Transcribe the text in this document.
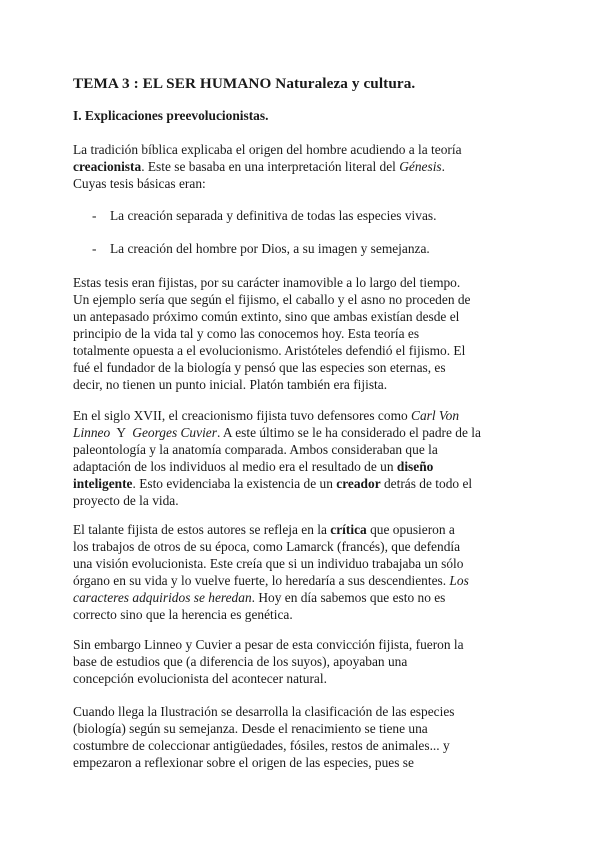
TEMA 3 : EL SER HUMANO Naturaleza y cultura.
I. Explicaciones preevolucionistas.
La tradición bíblica explicaba el origen del hombre acudiendo a la teoría
creacionista. Este se basaba en una interpretación literal del Génesis.
Cuyas tesis básicas eran:

- La creación separada y definitiva de todas las especies vivas.

- La creación del hombre por Dios, a su imagen y semejanza.

Estas tesis eran fijistas, por su carácter inamovible a lo largo del tiempo.
Un ejemplo sería que según el fijismo, el caballo y el asno no proceden de
un antepasado próximo común extinto, sino que ambas existían desde el
principio de la vida tal y como las conocemos hoy. Esta teoría es
totalmente opuesta a el evolucionismo. Aristóteles defendió el fijismo. El
fué el fundador de la biología y pensó que las especies son eternas, es
decir, no tienen un punto inicial. Platón también era fijista.
En el siglo XVII, el creacionismo fijista tuvo defensores como Carl Von
Linneo  Y  Georges Cuvier. A este último se le ha considerado el padre de la
paleontología y la anatomía comparada. Ambos consideraban que la
adaptación de los individuos al medio era el resultado de un diseño
inteligente. Esto evidenciaba la existencia de un creador detrás de todo el
proyecto de la vida.
El talante fijista de estos autores se refleja en la crítica que opusieron a
los trabajos de otros de su época, como Lamarck (francés), que defendía
una visión evolucionista. Este creía que si un individuo trabajaba un sólo
órgano en su vida y lo vuelve fuerte, lo heredaría a sus descendientes. Los
caracteres adquiridos se heredan. Hoy en día sabemos que esto no es
correcto sino que la herencia es genética.
Sin embargo Linneo y Cuvier a pesar de esta convicción fijista, fueron la
base de estudios que (a diferencia de los suyos), apoyaban una
concepción evolucionista del acontecer natural.
Cuando llega la Ilustración se desarrolla la clasificación de las especies
(biología) según su semejanza. Desde el renacimiento se tiene una
costumbre de coleccionar antigüedades, fósiles, restos de animales... y
empezaron a reflexionar sobre el origen de las especies, pues se
